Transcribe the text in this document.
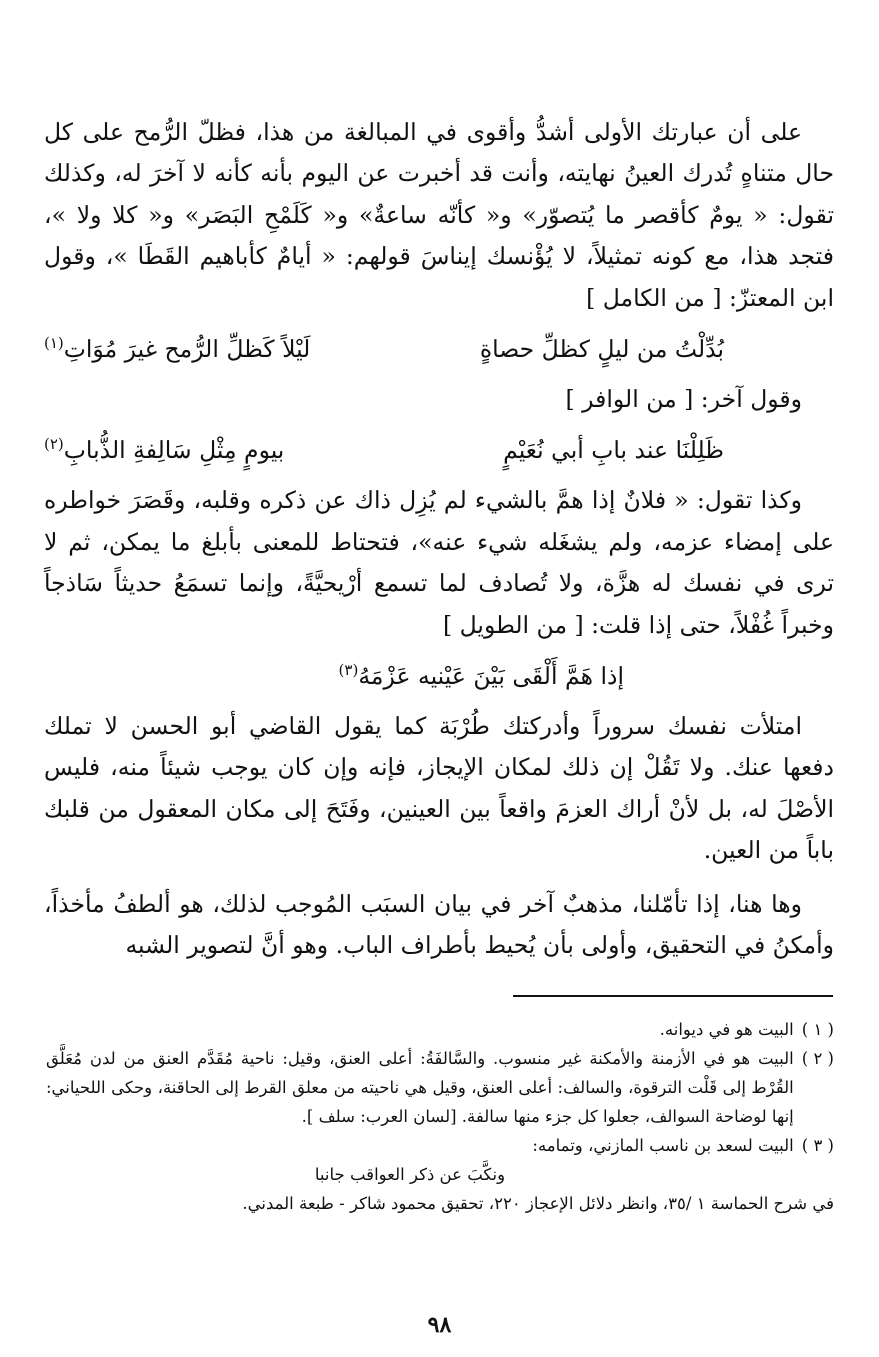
على أن عبارتك الأولى أشدُّ وأقوى في المبالغة من هذا، فظلّ الرُّمح على كل حال متناهٍ تُدرك العينُ نهايته، وأنت قد أخبرت عن اليوم بأنه كأنه لا آخرَ له، وكذلك تقول: « يومٌ كأقصر ما يُتصوّر» و« كأنّه ساعةٌ» و« كَلَمْحِ البَصَر» و« كلا ولا »، فتجد هذا، مع كونه تمثيلاً، لا يُؤْنسك إيناسَ قولهم: « أيامٌ كأباهيم القَطَا »، وقول ابن المعتزّ: [ من الكامل ]

بُدِّلْتُ من ليلٍ كظلِّ حصاةٍ
لَيْلاً كَظلِّ الرُّمح غيرَ مُوَاتِ$^{(١)}$

وقول آخر: [ من الوافر ]

ظَلِلْنَا عند بابِ أبي نُعَيْمٍ
بيومٍ مِثْلِ سَالِفةِ الذُّبابِ$^{(٢)}$

وكذا تقول: « فلانٌ إذا همَّ بالشيء لم يُزِل ذاك عن ذكره وقلبه، وقَصَرَ خواطره على إمضاء عزمه، ولم يشغَله شيء عنه»، فتحتاط للمعنى بأبلغ ما يمكن، ثم لا ترى في نفسك له هزَّة، ولا تُصادف لما تسمع أرْيحيَّةً، وإنما تسمَعُ حديثاً سَاذجاً وخبراً غُفْلاً، حتى إذا قلت: [ من الطويل ]

إذا هَمَّ أَلْقَى بَيْنَ عَيْنيه عَزْمَهُ$^{(٣)}$

امتلأت نفسك سروراً وأدركتك طُرْبَة كما يقول القاضي أبو الحسن لا تملك دفعها عنك. ولا تَقُلْ إن ذلك لمكان الإيجاز، فإنه وإن كان يوجب شيئاً منه، فليس الأصْلَ له، بل لأنْ أراك العزمَ واقعاً بين العينين، وفَتَحَ إلى مكان المعقول من قلبك باباً من العين.

وها هنا، إذا تأمّلنا، مذهبٌ آخر في بيان السبَب المُوجب لذلك، هو ألطفُ مأخذاً، وأمكنُ في التحقيق، وأولى بأن يُحيط بأطراف الباب. وهو أنَّ لتصوير الشبه

( ١ )
البيت هو في ديوانه.
( ٢ )
البيت هو في الأزمنة والأمكنة غير منسوب. والسَّالفَةُ: أعلى العنق، وقيل: ناحية مُقَدَّم العنق من لدن مُعَلَّق القُرْط إلى قَلْت الترقوة، والسالف: أعلى العنق، وقيل هي ناحيته من معلق القرط إلى الحاقنة، وحكى اللحياني: إنها لوضاحة السوالف، جعلوا كل جزء منها سالفة. [لسان العرب: سلف ].
( ٣ )
البيت لسعد بن ناسب المازني، وتمامه:
ونكَّبَ عن ذكر العواقب جانبا
في شرح الحماسة ١ /٣٥، وانظر دلائل الإعجاز ٢٢٠، تحقيق محمود شاكر - طبعة المدني.
٩٨
